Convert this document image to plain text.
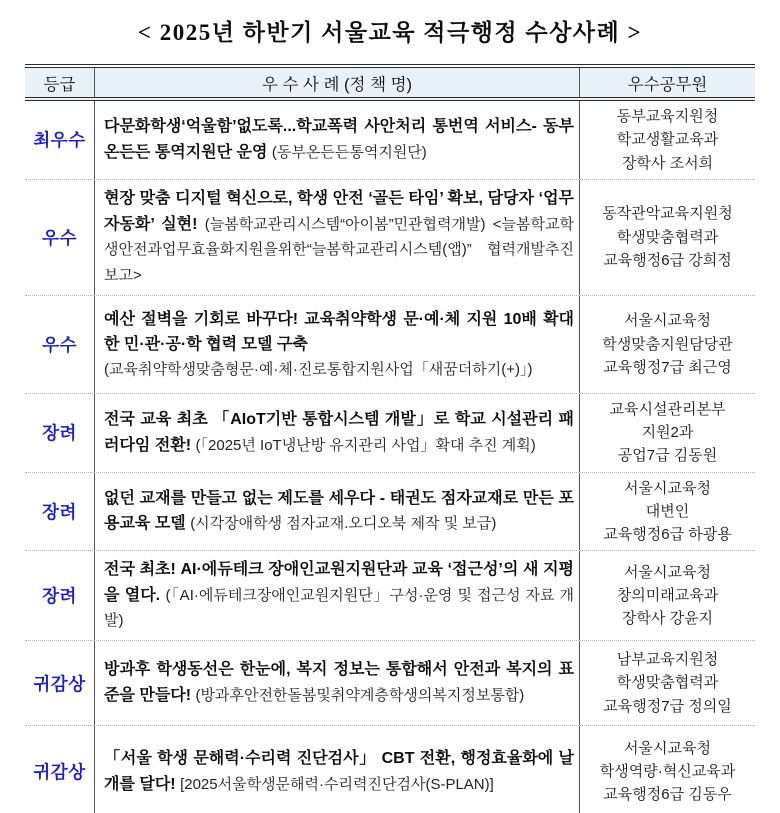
< 2025년 하반기 서울교육 적극행정 수상사례 >
등급	우 수 사 례 (정 책 명)	우수공무원
최우수

다문화학생‘억울함’없도록...학교폭력 사안처리 통번역 서비스- 동부 온든든 통역지원단 운영 (동부온든든통역지원단)

동부교육지원청
학교생활교육과
장학사 조서희
우수

현장 맞춤 디지털 혁신으로, 학생 안전 ‘골든 타임’ 확보, 담당자 ‘업무 자동화’ 실현! (늘봄학교관리시스템“아이봄”민관협력개발) <늘봄학교학생안전과업무효율화지원을위한“늘봄학교관리시스템(앱)” 협력개발추진보고>

동작관악교육지원청
학생맞춤협력과
교육행정6급 강희정
우수

예산 절벽을 기회로 바꾸다! 교육취약학생 문·예·체 지원 10배 확대한 민·관·공·학 협력 모델 구축
(교육취약학생맞춤형문·예·체·진로통합지원사업「새꿈더하기(+)」)

서울시교육청
학생맞춤지원담당관
교육행정7급 최근영
장려

전국 교육 최초 「AIoT기반 통합시스템 개발」로 학교 시설관리 패러다임 전환! (「2025년 IoT냉난방 유지관리 사업」확대 추진 계획)

교육시설관리본부
지원2과
공업7급 김동원
장려

없던 교재를 만들고 없는 제도를 세우다 - 태권도 점자교재로 만든 포용교육 모델 (시각장애학생 점자교재.오디오북 제작 및 보급)

서울시교육청
대변인
교육행정6급 하광용
장려

전국 최초! AI·에듀테크 장애인교원지원단과 교육 ‘접근성’의 새 지평을 열다. (「AI·에듀테크장애인교원지원단」구성·운영 및 접근성 자료 개발)

서울시교육청
창의미래교육과
장학사 강윤지
귀감상

방과후 학생동선은 한눈에, 복지 정보는 통합해서 안전과 복지의 표준을 만들다! (방과후안전한돌봄및취약계층학생의복지정보통합)

남부교육지원청
학생맞춤협력과
교육행정7급 정의일
귀감상

「서울 학생 문해력·수리력 진단검사」 CBT 전환, 행정효율화에 날개를 달다! [2025서울학생문해력·수리력진단검사(S-PLAN)]

서울시교육청
학생역량·혁신교육과
교육행정6급 김동우
